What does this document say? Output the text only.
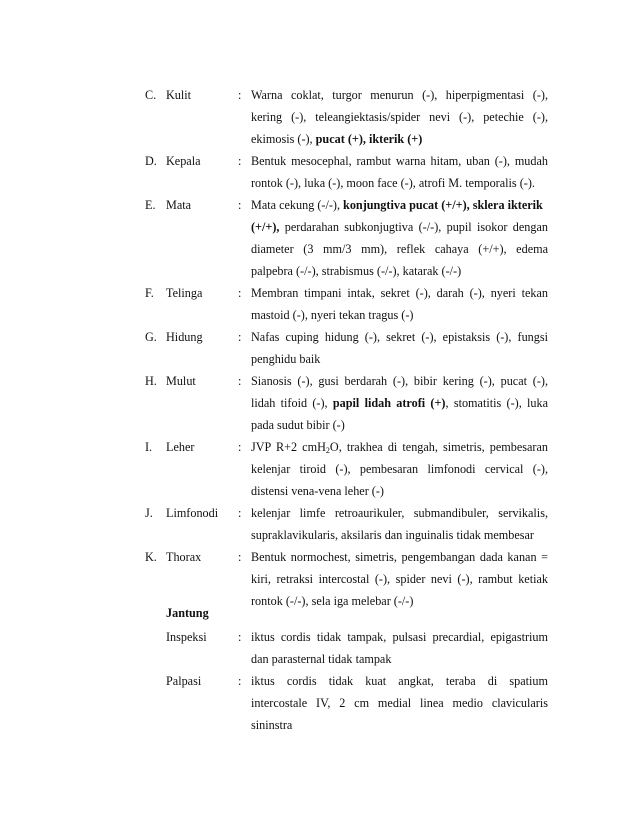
C. Kulit	: Warna coklat, turgor menurun (-), hiperpigmentasi (-),
kering (-), teleangiektasis/spider nevi (-), petechie (-),
ekimosis (-), pucat (+), ikterik (+)
D. Kepala	: Bentuk mesocephal, rambut warna hitam, uban (-), mudah
rontok (-), luka (-), moon face (-), atrofi M. temporalis (-).
E. Mata	: Mata cekung (-/-), konjungtiva pucat (+/+), sklera ikterik
(+/+), perdarahan subkonjugtiva (-/-), pupil isokor dengan
diameter (3 mm/3 mm), reflek cahaya (+/+), edema
palpebra (-/-), strabismus (-/-), katarak (-/-)
F. Telinga	: Membran timpani intak, sekret (-), darah (-), nyeri tekan
mastoid (-), nyeri tekan tragus (-)
G. Hidung	: Nafas cuping hidung (-), sekret (-), epistaksis (-), fungsi
penghidu baik
H. Mulut	: Sianosis (-), gusi berdarah (-), bibir kering (-), pucat (-),
lidah tifoid (-), papil lidah atrofi (+), stomatitis (-), luka
pada sudut bibir (-)
I. Leher	: JVP R+2 cmH$_2$O, trakhea di tengah, simetris, pembesaran
kelenjar tiroid (-), pembesaran limfonodi cervical (-),
distensi vena-vena leher (-)
J. Limfonodi : kelenjar limfe retroaurikuler, submandibuler, servikalis,
supraklavikularis, aksilaris dan inguinalis tidak membesar
K. Thorax	: Bentuk normochest, simetris, pengembangan dada kanan =
kiri, retraksi intercostal (-), spider nevi (-), rambut ketiak
rontok (-/-), sela iga melebar (-/-)
Jantung
Inspeksi	: iktus cordis tidak tampak, pulsasi precardial, epigastrium
dan parasternal tidak tampak
Palpasi	: iktus cordis tidak kuat angkat, teraba di spatium
intercostale IV, 2 cm medial linea medio clavicularis
sininstra
